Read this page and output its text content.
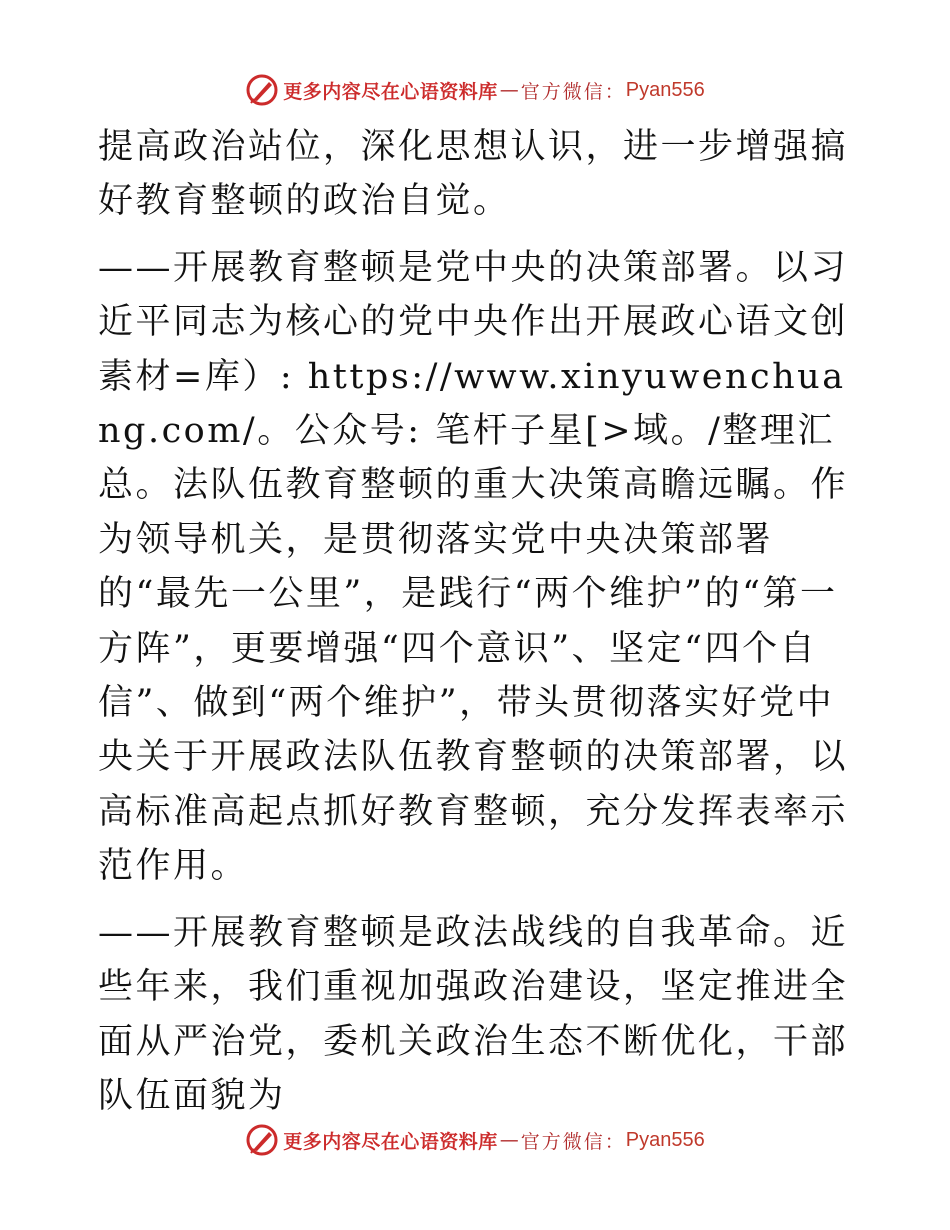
更多内容尽在心语资料库 — 官方微信： Pyan556

提高政治站位，深化思想认识，进一步增强搞好教育整顿的政治自觉。

——开展教育整顿是党中央的决策部署。以习近平同志为核心的党中央作出开展政心语文创素材=库）: https://www.xinyuwenchuang.com/。公众号: 笔杆子星[>域。/整理汇总。法队伍教育整顿的重大决策高瞻远瞩。作为领导机关，是贯彻落实党中央决策部署的“最先一公里”，是践行“两个维护”的“第一方阵”，更要增强“四个意识”、坚定“四个自信”、做到“两个维护”，带头贯彻落实好党中央关于开展政法队伍教育整顿的决策部署，以高标准高起点抓好教育整顿，充分发挥表率示范作用。

——开展教育整顿是政法战线的自我革命。近些年来，我们重视加强政治建设，坚定推进全面从严治党，委机关政治生态不断优化，干部队伍面貌为

更多内容尽在心语资料库 — 官方微信： Pyan556
